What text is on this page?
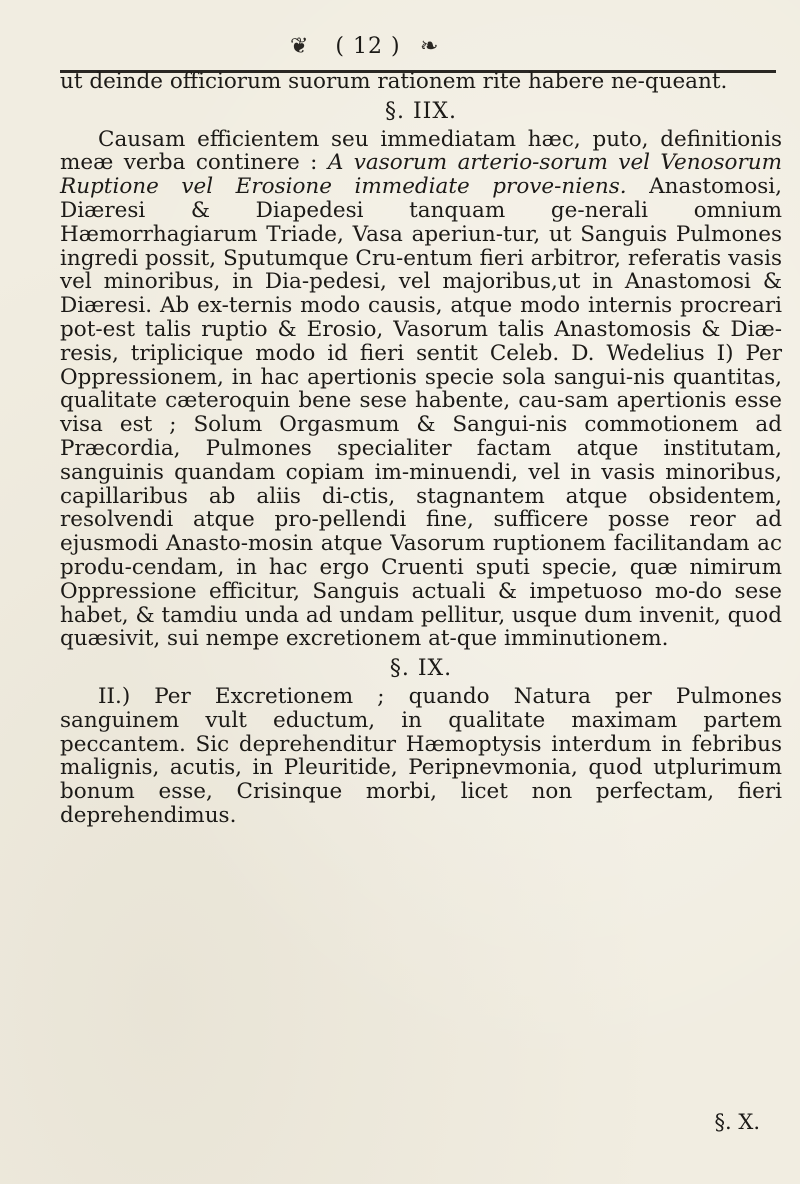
❦	( 12 ) ❧

ut deinde officiorum suorum rationem rite habere ne-queant.

§. IIX.

Causam efficientem seu immediatam hæc, puto, definitionis meæ verba continere : A vasorum arterio-sorum vel Venosorum Ruptione vel Erosione immediate prove-niens. Anastomosi, Diæresi & Diapedesi tanquam ge-nerali omnium Hæmorrhagiarum Triade, Vasa aperiun-tur, ut Sanguis Pulmones ingredi possit, Sputumque Cru-entum fieri arbitror, referatis vasis vel minoribus, in Dia-pedesi, vel majoribus,ut in Anastomosi & Diæresi. Ab ex-ternis modo causis, atque modo internis procreari pot-est talis ruptio & Erosio, Vasorum talis Anastomosis & Diæ-resis, triplicique modo id fieri sentit Celeb. D. Wedelius I) Per Oppressionem, in hac apertionis specie sola sangui-nis quantitas, qualitate cæteroquin bene sese habente, cau-sam apertionis esse visa est ; Solum Orgasmum & Sangui-nis commotionem ad Præcordia, Pulmones specialiter factam atque institutam, sanguinis quandam copiam im-minuendi, vel in vasis minoribus, capillaribus ab aliis di-ctis, stagnantem atque obsidentem, resolvendi atque pro-pellendi fine, sufficere posse reor ad ejusmodi Anasto-mosin atque Vasorum ruptionem facilitandam ac produ-cendam, in hac ergo Cruenti sputi specie, quæ nimirum Oppressione efficitur, Sanguis actuali & impetuoso mo-do sese habet, & tamdiu unda ad undam pellitur, usque dum invenit, quod quæsivit, sui nempe excretionem at-que imminutionem.

§. IX.

II.) Per Excretionem ; quando Natura per Pulmones sanguinem vult eductum, in qualitate maximam partem peccantem. Sic deprehenditur Hæmoptysis interdum in febribus malignis, acutis, in Pleuritide, Peripnevmonia, quod utplurimum bonum esse, Crisinque morbi, licet non perfectam, fieri deprehendimus.

§. X.
